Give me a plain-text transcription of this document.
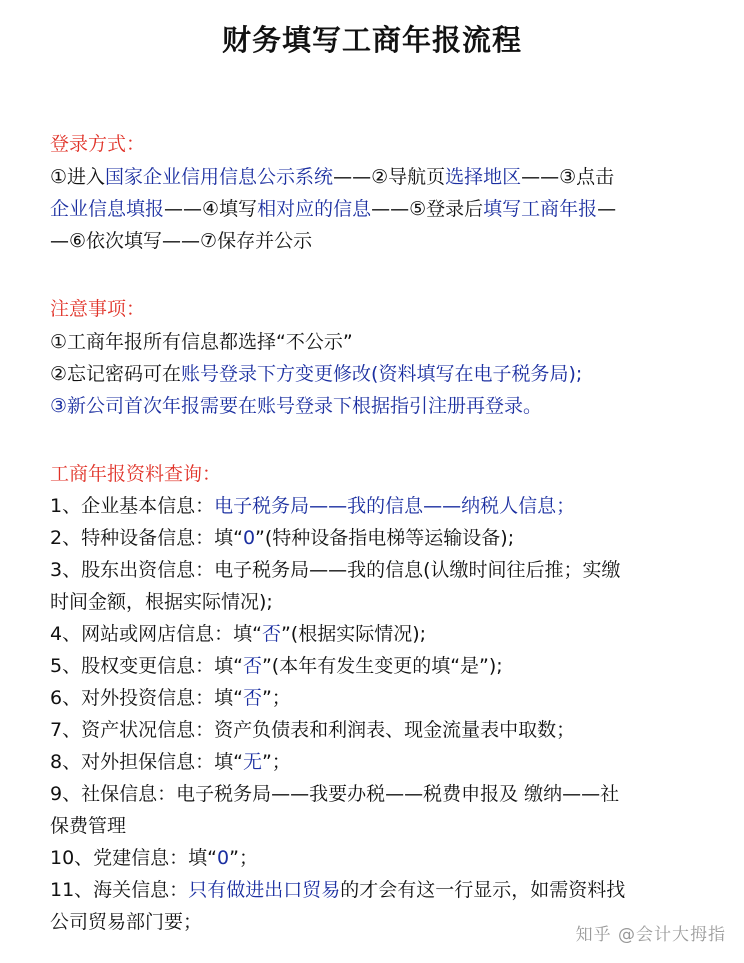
财务填写工商年报流程
登录方式：
①进入国家企业信用信息公示系统——②导航页选择地区——③点击
企业信息填报——④填写相对应的信息——⑤登录后填写工商年报—
—⑥依次填写——⑦保存并公示
注意事项：
①工商年报所有信息都选择“不公示”
②忘记密码可在账号登录下方变更修改(资料填写在电子税务局);
③新公司首次年报需要在账号登录下根据指引注册再登录。
工商年报资料查询：
1、企业基本信息：电子税务局——我的信息——纳税人信息；
2、特种设备信息：填“0”(特种设备指电梯等运输设备);
3、股东出资信息：电子税务局——我的信息(认缴时间往后推；实缴
时间金额，根据实际情况);
4、网站或网店信息：填“否”(根据实际情况);
5、股权变更信息：填“否”(本年有发生变更的填“是”);
6、对外投资信息：填“否”；
7、资产状况信息：资产负债表和利润表、现金流量表中取数；
8、对外担保信息：填“无”；
9、社保信息：电子税务局——我要办税——税费申报及 缴纳——社
保费管理
10、党建信息：填“0”；
11、海关信息：只有做进出口贸易的才会有这一行显示，如需资料找
公司贸易部门要；
知乎 @会计大拇指
